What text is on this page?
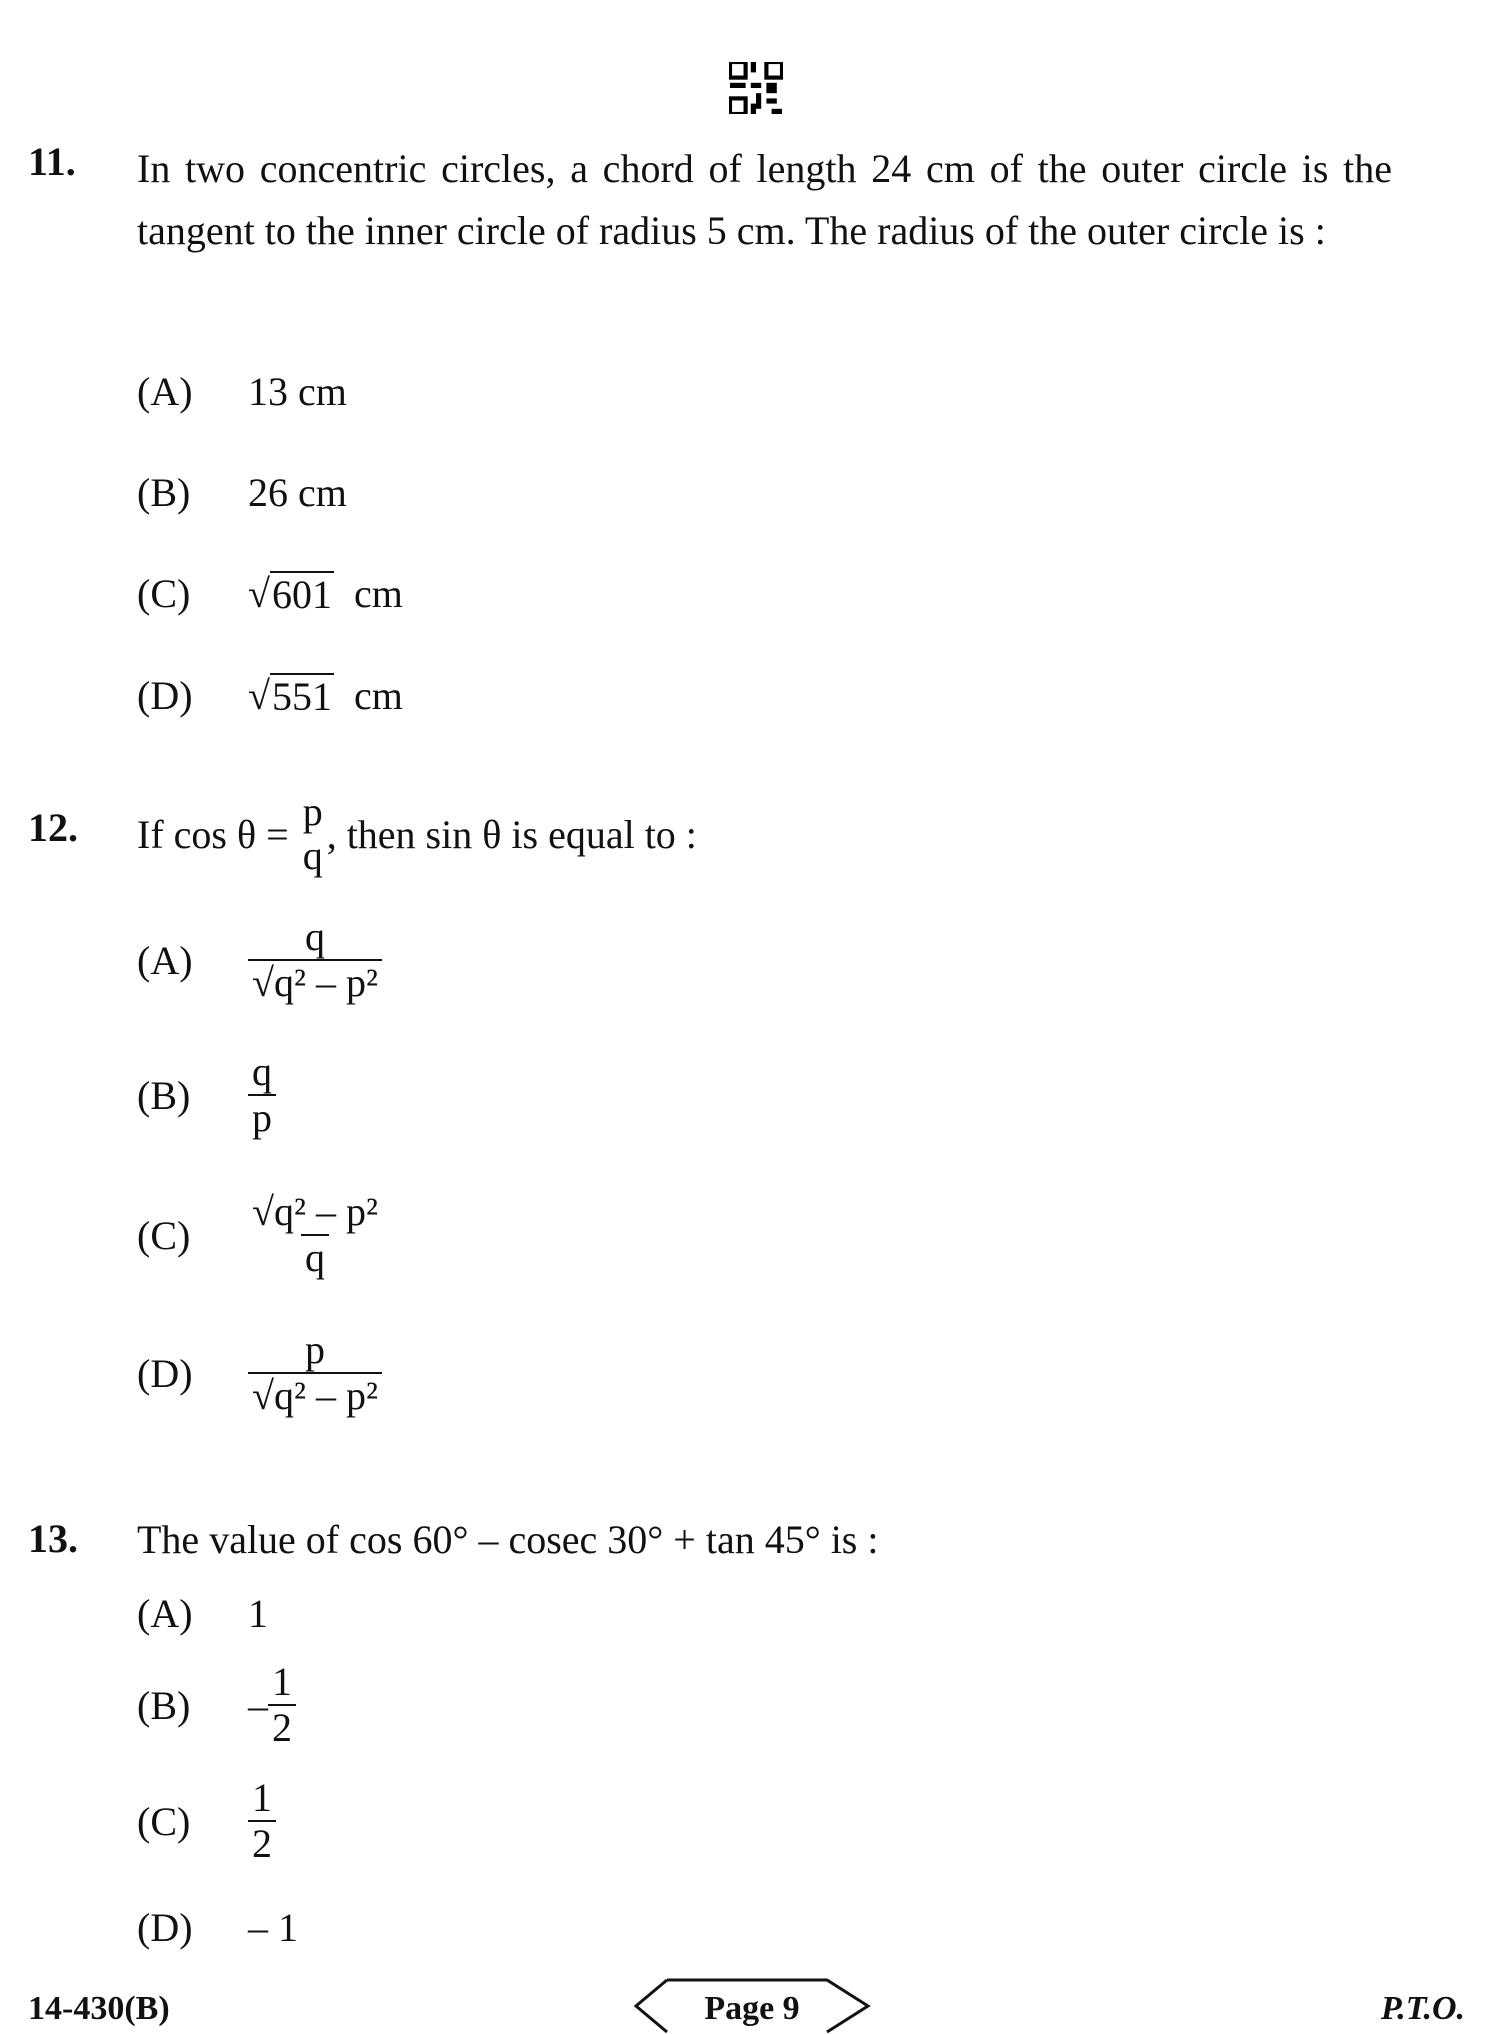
11. In two concentric circles, a chord of length 24 cm of the outer circle is the tangent to the inner circle of radius 5 cm. The radius of the outer circle is :
(A)	13 cm
(B)	26 cm
(C)	√ 601
cm
(D)	√ 551
cm
12. If cos θ =
p
q , then sin θ is equal to :
(A)	$\frac{q}{\text{√q² – p²}}$
(B)	$\frac{q}{p}$
(C)	$\frac{\text{√q² – p²}}{q}$
(D)	$\frac{p}{\text{√q² – p²}}$
13. The value of cos 60° – cosec 30° + tan 45° is :
(A)	1
(B)	– $\frac{1}{2}$
(C)	$\frac{1}{2}$
(D)	– 1
14-430(B)	Page 9	P.T.O.
